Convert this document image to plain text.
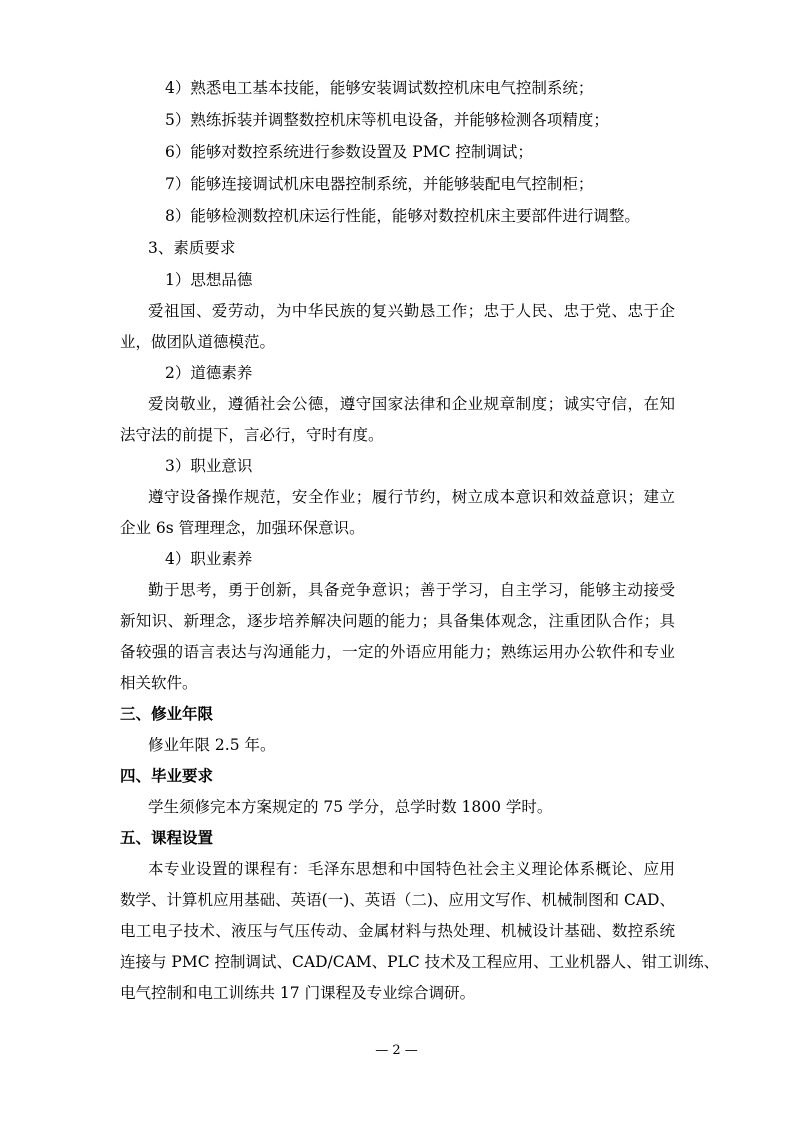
4）熟悉电工基本技能，能够安装调试数控机床电气控制系统；
5）熟练拆装并调整数控机床等机电设备，并能够检测各项精度；
6）能够对数控系统进行参数设置及 PMC 控制调试；
7）能够连接调试机床电器控制系统，并能够装配电气控制柜；
8）能够检测数控机床运行性能，能够对数控机床主要部件进行调整。
3、素质要求
1）思想品德
爱祖国、爱劳动，为中华民族的复兴勤恳工作；忠于人民、忠于党、忠于企
业，做团队道德模范。
2）道德素养
爱岗敬业，遵循社会公德，遵守国家法律和企业规章制度；诚实守信，在知
法守法的前提下，言必行，守时有度。
3）职业意识
遵守设备操作规范，安全作业；履行节约，树立成本意识和效益意识；建立
企业 6s 管理理念，加强环保意识。
4）职业素养
勤于思考，勇于创新，具备竞争意识；善于学习，自主学习，能够主动接受
新知识、新理念，逐步培养解决问题的能力；具备集体观念，注重团队合作；具
备较强的语言表达与沟通能力，一定的外语应用能力；熟练运用办公软件和专业
相关软件。
三、修业年限
修业年限 2.5 年。
四、毕业要求
学生须修完本方案规定的 75 学分，总学时数 1800 学时。
五、课程设置
本专业设置的课程有：毛泽东思想和中国特色社会主义理论体系概论、应用
数学、计算机应用基础、英语(一)、英语（二)、应用文写作、机械制图和 CAD、
电工电子技术、液压与气压传动、金属材料与热处理、机械设计基础、数控系统
连接与 PMC 控制调试、CAD/CAM、PLC 技术及工程应用、工业机器人、钳工训练、
电气控制和电工训练共 17 门课程及专业综合调研。
— 2 —
